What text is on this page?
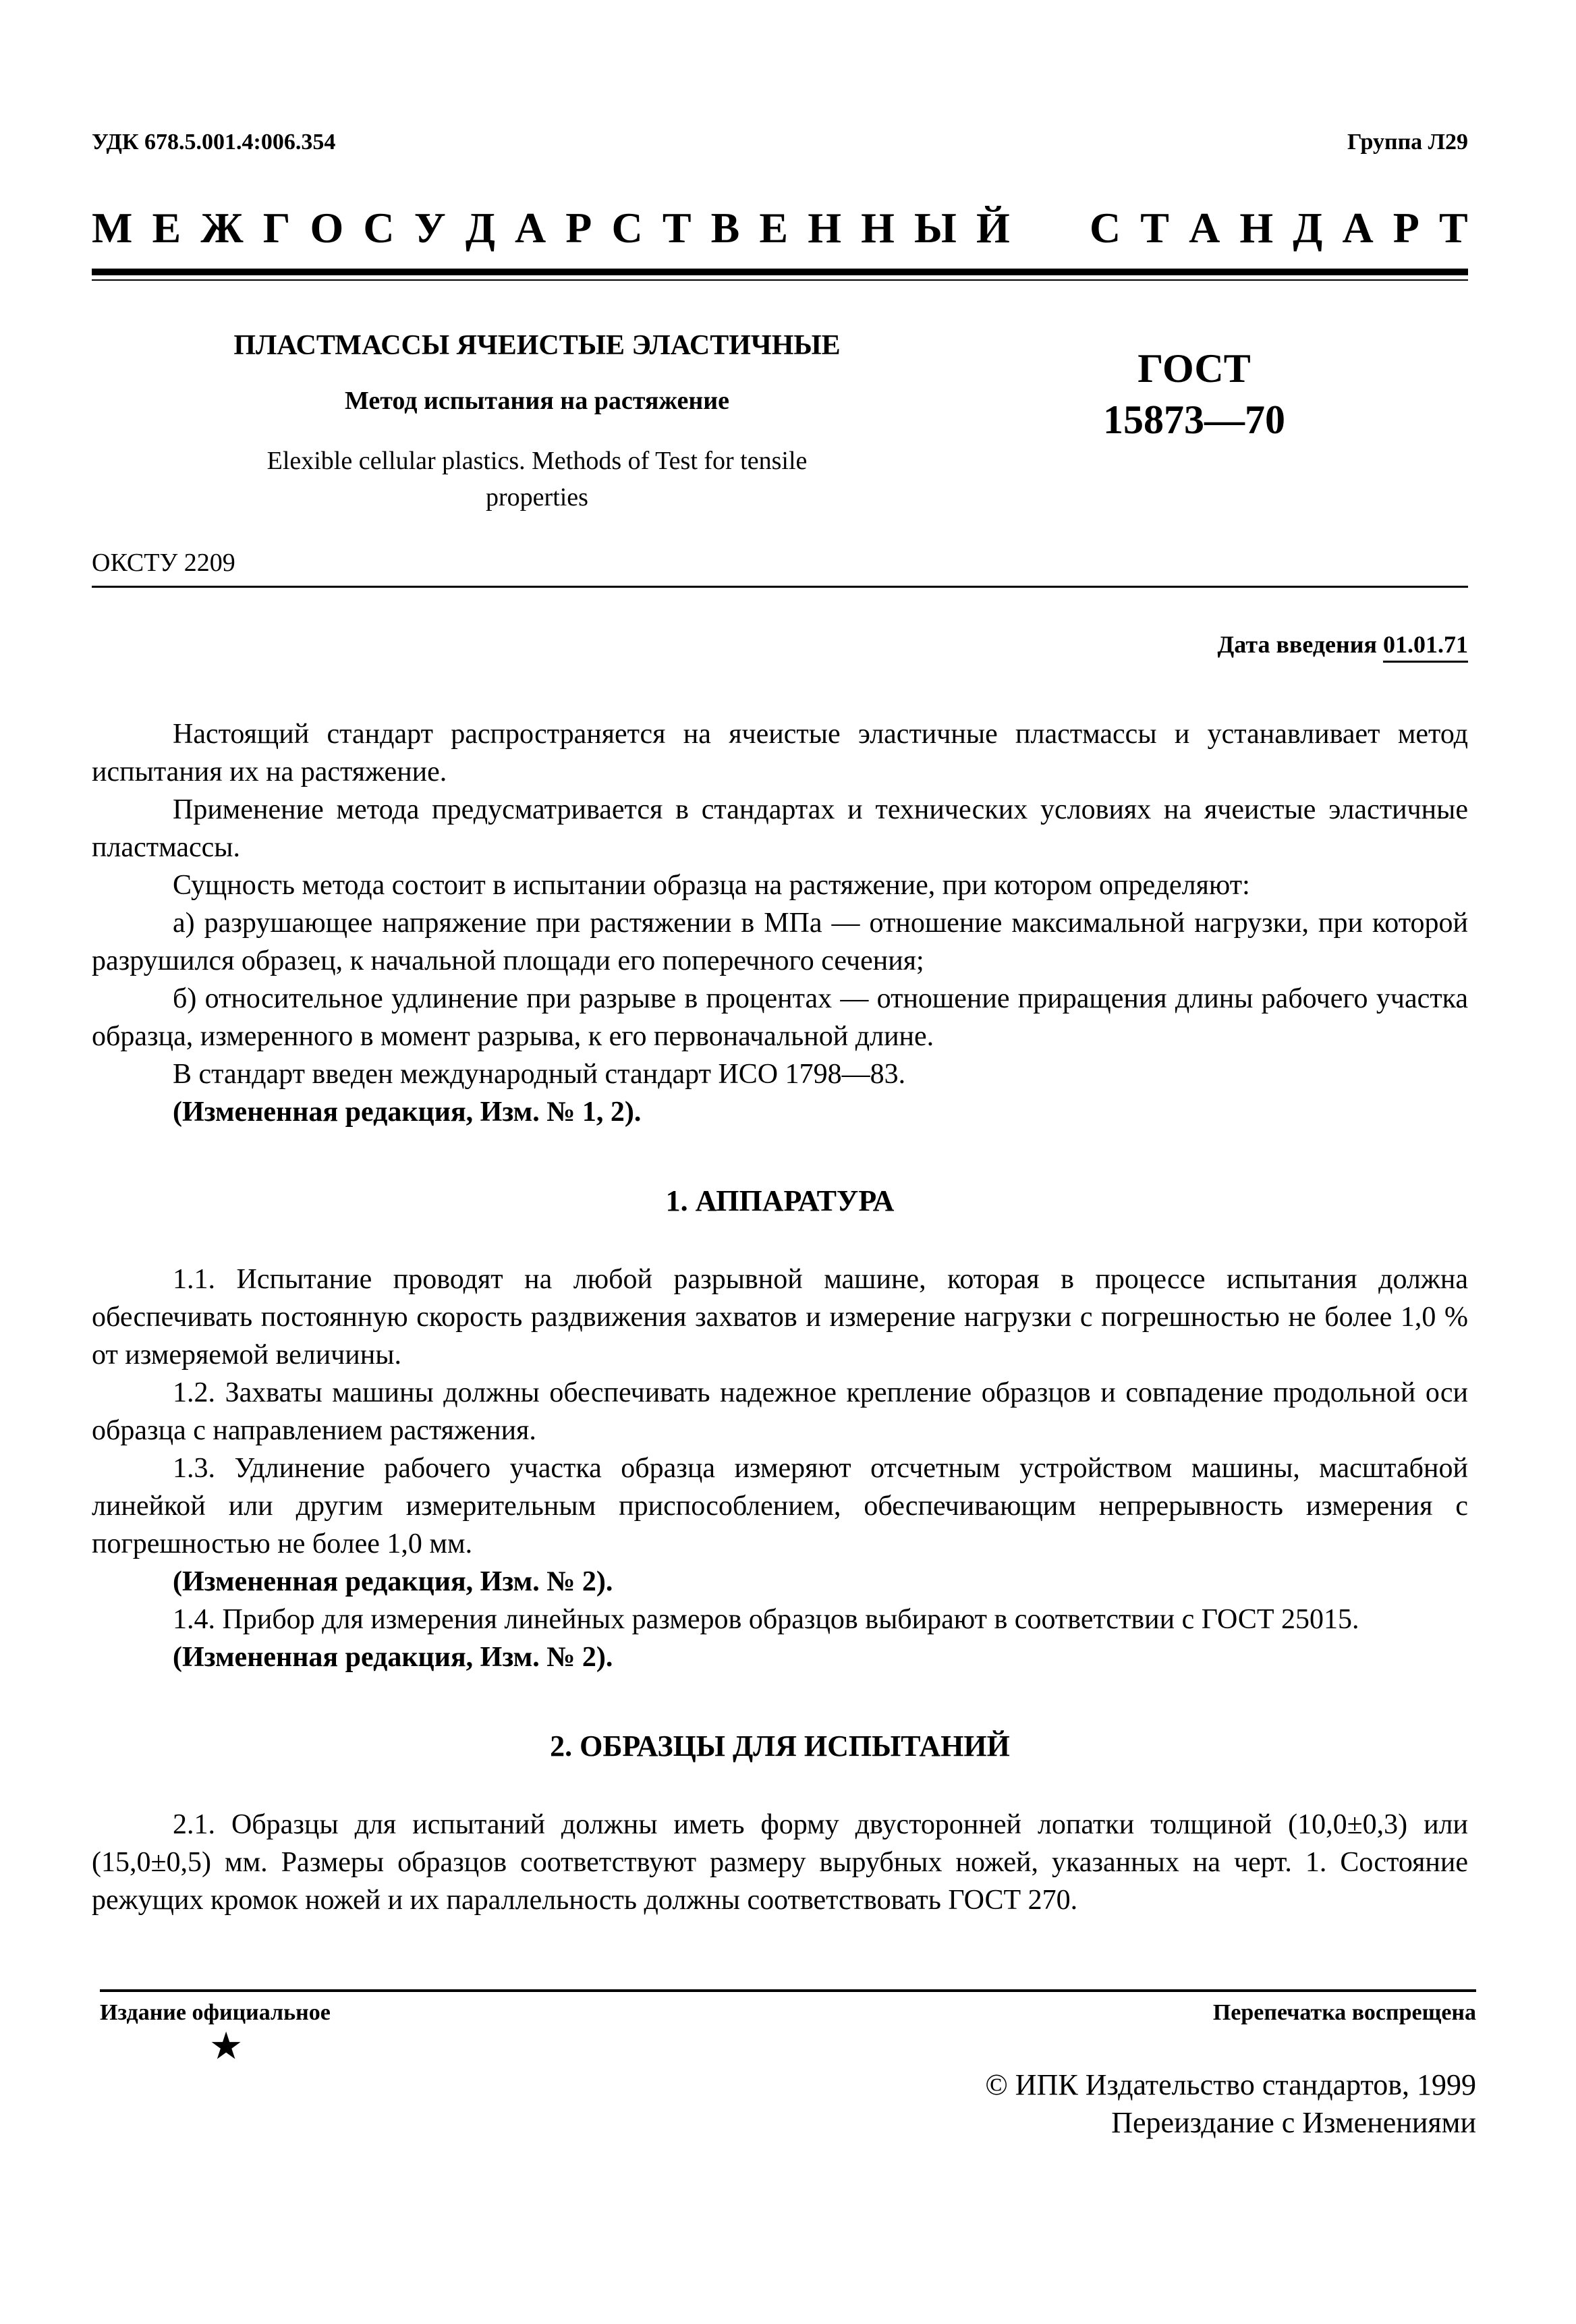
УДК 678.5.001.4:006.354	Группа Л29
М Е Ж Г О С У Д А Р С Т В Е Н Н Ы Й С Т А Н Д А Р Т
ПЛАСТМАССЫ ЯЧЕИСТЫЕ ЭЛАСТИЧНЫЕ
Метод испытания на растяжение
Elexible cellular plastics. Methods of Test for tensile properties
ГОСТ
15873—70
ОКСТУ 2209
Дата введения 01.01.71

Настоящий стандарт распространяется на ячеистые эластичные пластмассы и устанавливает метод испытания их на растяжение.

Применение метода предусматривается в стандартах и технических условиях на ячеистые эластичные пластмассы.

Сущность метода состоит в испытании образца на растяжение, при котором определяют:

а) разрушающее напряжение при растяжении в МПа — отношение максимальной нагрузки, при которой разрушился образец, к начальной площади его поперечного сечения;

б) относительное удлинение при разрыве в процентах — отношение приращения длины рабочего участка образца, измеренного в момент разрыва, к его первоначальной длине.

В стандарт введен международный стандарт ИСО 1798—83.

(Измененная редакция, Изм. № 1, 2).

1. АППАРАТУРА

1.1. Испытание проводят на любой разрывной машине, которая в процессе испытания должна обеспечивать постоянную скорость раздвижения захватов и измерение нагрузки с погрешностью не более 1,0 % от измеряемой величины.

1.2. Захваты машины должны обеспечивать надежное крепление образцов и совпадение продольной оси образца с направлением растяжения.

1.3. Удлинение рабочего участка образца измеряют отсчетным устройством машины, масштабной линейкой или другим измерительным приспособлением, обеспечивающим непрерывность измерения с погрешностью не более 1,0 мм.

(Измененная редакция, Изм. № 2).

1.4. Прибор для измерения линейных размеров образцов выбирают в соответствии с ГОСТ 25015.

(Измененная редакция, Изм. № 2).

2. ОБРАЗЦЫ ДЛЯ ИСПЫТАНИЙ

2.1. Образцы для испытаний должны иметь форму двусторонней лопатки толщиной (10,0±0,3) или (15,0±0,5) мм. Размеры образцов соответствуют размеру вырубных ножей, указанных на черт. 1. Состояние режущих кромок ножей и их параллельность должны соответствовать ГОСТ 270.

Издание официальное
★
Перепечатка воспрещена
© ИПК Издательство стандартов, 1999
Переиздание с Изменениями
